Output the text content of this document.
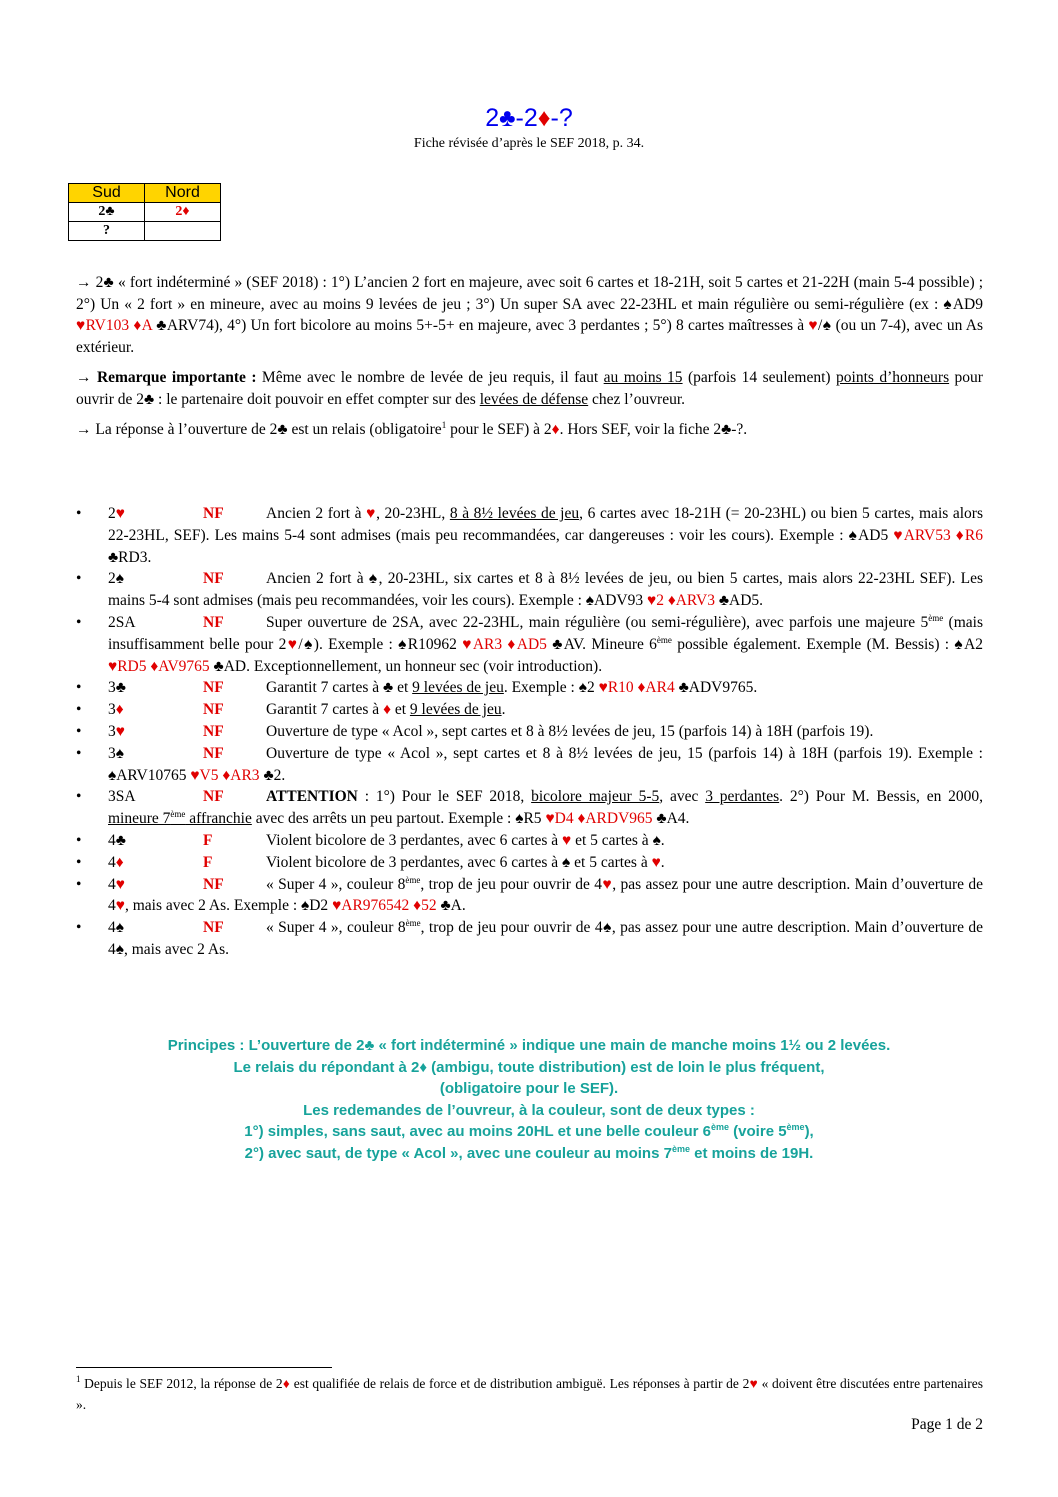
2♣-2♦-?
Fiche révisée d’après le SEF 2018, p. 34.
Sud	Nord
2♣	2♦
?	
→ 2♣ « fort indéterminé » (SEF 2018) : 1°) L’ancien 2 fort en majeure, avec soit 6 cartes et 18-21H, soit 5 cartes et 21-22H (main 5-4 possible) ; 2°) Un « 2 fort » en mineure, avec au moins 9 levées de jeu ; 3°) Un super SA avec 22-23HL et main régulière ou semi-régulière (ex : ♠AD9 ♥RV103 ♦A ♣ARV74), 4°) Un fort bicolore au moins 5+-5+ en majeure, avec 3 perdantes ; 5°) 8 cartes maîtresses à ♥/♠ (ou un 7-4), avec un As extérieur.
→ Remarque importante : Même avec le nombre de levée de jeu requis, il faut au moins 15 (parfois 14 seulement) points d’honneurs pour ouvrir de 2♣ : le partenaire doit pouvoir en effet compter sur des levées de défense chez l’ouvreur.
→ La réponse à l’ouverture de 2♣ est un relais (obligatoire$^1$ pour le SEF) à 2♦. Hors SEF, voir la fiche 2♣-?.
• 2♥	NF	Ancien 2 fort à ♥, 20-23HL, 8 à 8½ levées de jeu, 6 cartes avec 18-21H (= 20-23HL) ou bien 5 cartes, mais alors 22-23HL, SEF). Les mains 5-4 sont admises (mais peu recommandées, car dangereuses : voir les cours). Exemple : ♠AD5 ♥ARV53 ♦R6 ♣RD3.
• 2♠	NF	Ancien 2 fort à ♠, 20-23HL, six cartes et 8 à 8½ levées de jeu, ou bien 5 cartes, mais alors 22-23HL SEF). Les mains 5-4 sont admises (mais peu recommandées, voir les cours). Exemple : ♠ADV93 ♥2 ♦ARV3 ♣AD5.
• 2SA	NF	Super ouverture de 2SA, avec 22-23HL, main régulière (ou semi-régulière), avec parfois une majeure 5ème (mais insuffisamment belle pour 2♥/♠). Exemple : ♠R10962 ♥AR3 ♦AD5 ♣AV. Mineure 6ème possible également. Exemple (M. Bessis) : ♠A2 ♥RD5 ♦AV9765 ♣AD. Exceptionnellement, un honneur sec (voir introduction).
• 3♣	NF	Garantit 7 cartes à ♣ et 9 levées de jeu. Exemple : ♠2 ♥R10 ♦AR4 ♣ADV9765.
• 3♦	NF	Garantit 7 cartes à ♦ et 9 levées de jeu.
• 3♥	NF	Ouverture de type « Acol », sept cartes et 8 à 8½ levées de jeu, 15 (parfois 14) à 18H (parfois 19).
• 3♠	NF	Ouverture de type « Acol », sept cartes et 8 à 8½ levées de jeu, 15 (parfois 14) à 18H (parfois 19). Exemple : ♠ARV10765 ♥V5 ♦AR3 ♣2.
• 3SA	NF	ATTENTION : 1°) Pour le SEF 2018, bicolore majeur 5-5, avec 3 perdantes. 2°) Pour M. Bessis, en 2000, mineure 7ème affranchie avec des arrêts un peu partout. Exemple : ♠R5 ♥D4 ♦ARDV965 ♣A4.
• 4♣	F	Violent bicolore de 3 perdantes, avec 6 cartes à ♥ et 5 cartes à ♠.
• 4♦	F	Violent bicolore de 3 perdantes, avec 6 cartes à ♠ et 5 cartes à ♥.
• 4♥	NF	« Super 4 », couleur 8ème, trop de jeu pour ouvrir de 4♥, pas assez pour une autre description. Main d’ouverture de 4♥, mais avec 2 As. Exemple : ♠D2 ♥AR976542 ♦52 ♣A.
• 4♠	NF	« Super 4 », couleur 8ème, trop de jeu pour ouvrir de 4♠, pas assez pour une autre description. Main d’ouverture de 4♠, mais avec 2 As.
Principes : L’ouverture de 2♣ « fort indéterminé » indique une main de manche moins 1½ ou 2 levées.
Le relais du répondant à 2♦ (ambigu, toute distribution) est de loin le plus fréquent,
(obligatoire pour le SEF).
Les redemandes de l’ouvreur, à la couleur, sont de deux types :
1°) simples, sans saut, avec au moins 20HL et une belle couleur 6ème (voire 5ème),
2°) avec saut, de type « Acol », avec une couleur au moins 7ème et moins de 19H.
$^1$ Depuis le SEF 2012, la réponse de 2♦ est qualifiée de relais de force et de distribution ambiguë. Les réponses à partir de 2♥ « doivent être discutées entre partenaires ».
Page 1 de 2
